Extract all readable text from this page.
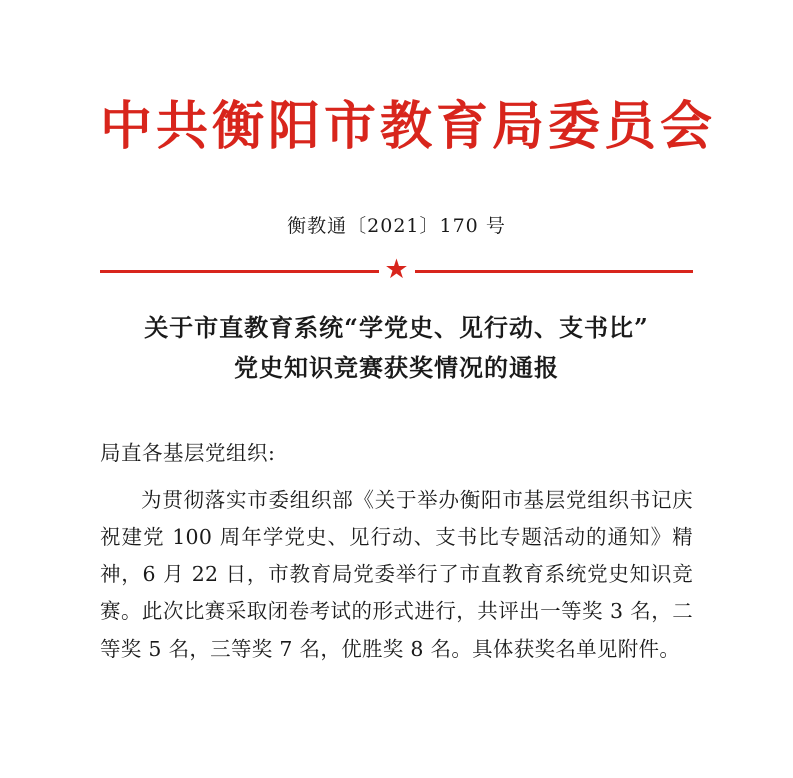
中共衡阳市教育局委员会
衡教通〔2021〕170 号
★
关于市直教育系统“学党史、见行动、支书比”
党史知识竞赛获奖情况的通报
局直各基层党组织:
为贯彻落实市委组织部《关于举办衡阳市基层党组织书记庆祝建党 100 周年学党史、见行动、支书比专题活动的通知》精神，6 月 22 日，市教育局党委举行了市直教育系统党史知识竞赛。此次比赛采取闭卷考试的形式进行，共评出一等奖 3 名，二等奖 5 名，三等奖 7 名，优胜奖 8 名。具体获奖名单见附件。
